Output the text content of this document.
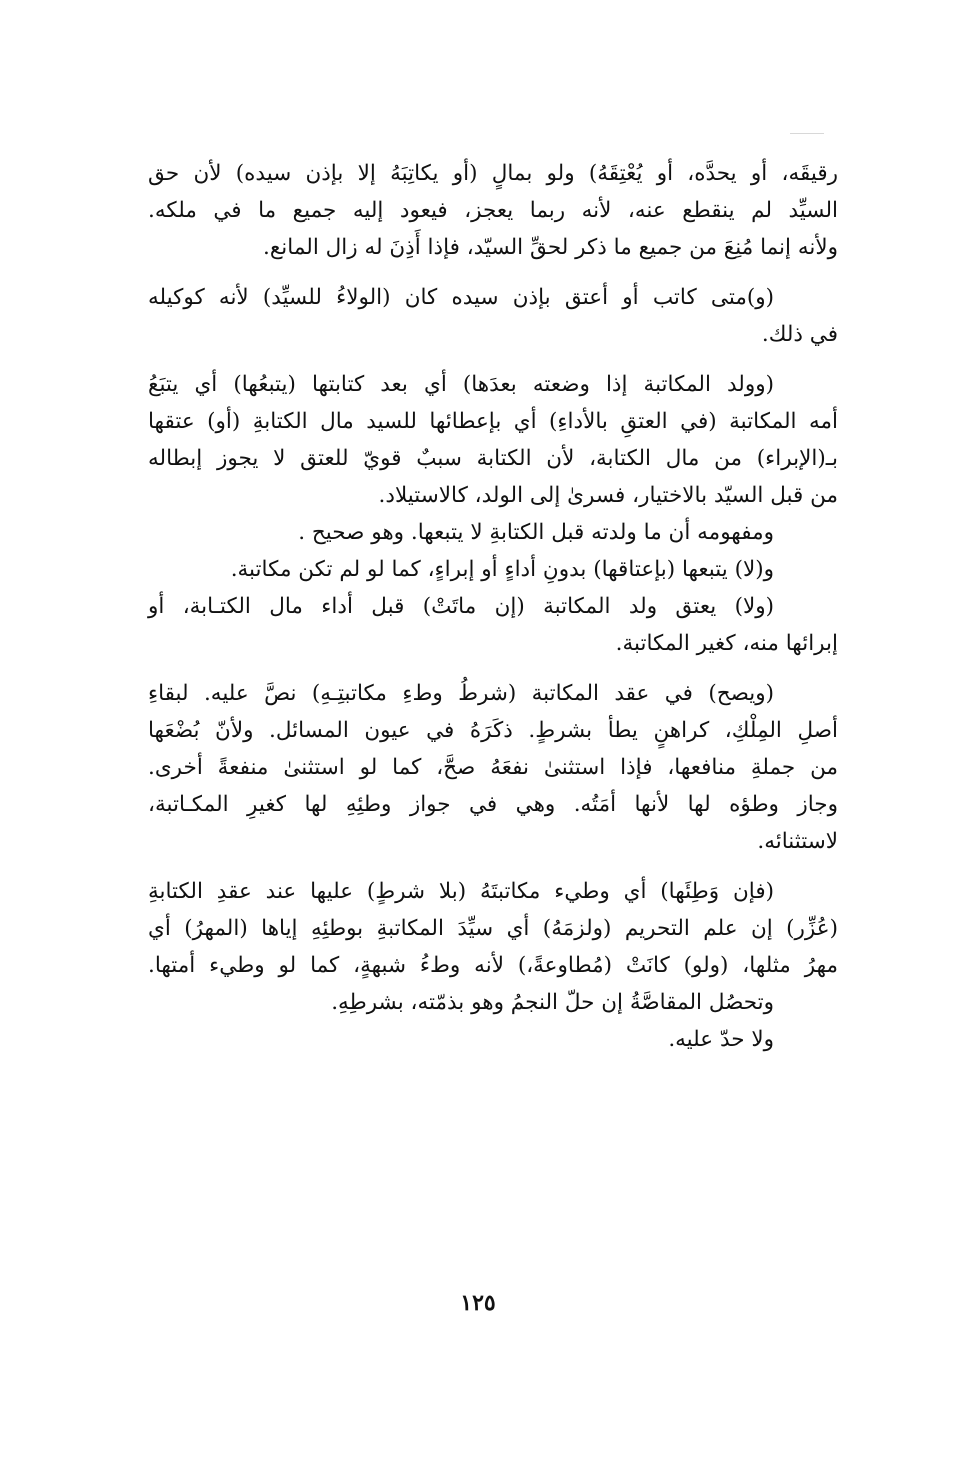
رقيقَه، أو يحدَّه، أو يُعْتِقَهُ) ولو بمالٍ (أو يكاتِبَهُ إلا بإذن سيده) لأن حق
السيِّد لم ينقطع عنه، لأنه ربما يعجز، فيعود إليه جميع ما في ملكه.
ولأنه إنما مُنِعَ من جميع ما ذكر لحقِّ السيّد، فإذا أَذِنَ له زال المانع.
(و)متى كاتب أو أعتق بإذن سيده كان (الولاءُ للسيِّد) لأنه كوكيله
في ذلك.
(وولد المكاتبة إذا وضعته بعدَها) أي بعد كتابتها (يتبعُها) أي يتبَعُ
أمه المكاتبة (في العتقِ بالأداءِ) أي بإعطائها للسيد مال الكتابةِ (أو) عتقها
بـ(الإبراء) من مال الكتابة، لأن الكتابة سببٌ قويّ للعتق لا يجوز إبطاله
من قبل السيّد بالاختيار، فسرىٰ إلى الولد، كالاستيلاد.
ومفهومه أن ما ولدته قبل الكتابةِ لا يتبعها. وهو صحيح .
و(لا) يتبعها (بإعتاقها) بدونِ أداءٍ أو إبراءٍ، كما لو لم تكن مكاتبة.
(ولا) يعتق ولد المكاتبة (إن ماتَتْ) قبل أداء مال الكتـابة، أو
إبرائها منه، كغير المكاتبة.
(ويصح) في عقد المكاتبة (شرطُ وطءِ مكاتبتِـهِ) نصَّ عليه. لبقاءِ
أصلِ المِلْكِ، كراهنٍ يطأ بشرطٍ. ذكَرَهُ في عيون المسائل. ولأنّ بُضْعَها
من جملةِ منافعها، فإذا استثنىٰ نفعَهُ صحَّ، كما لو استثنىٰ منفعةً أخرى.
وجاز وطؤه لها لأنها أمَتُه. وهي في جواز وطئِهِ لها كغيرِ المكـاتبة،
لاستثنائه.
(فإن وَطِئَها) أي وطيء مكاتبتَهُ (بلا شرطٍ) عليها عند عقدِ الكتابةِ
(عُزِّر) إن علم التحريم (ولزمَهُ) أي سيِّدَ المكاتبةِ بوطئِهِ إياها (المهرُ) أي
مهرُ مثلها، (ولو) كانَتْ (مُطاوعةً،) لأنه وطءُ شبهةٍ، كما لو وطيء أمتها.
وتحصُل المقاصَّةُ إن حلّ النجمُ وهو بذمّته، بشرطِهِ.
ولا حدّ عليه.
١٢٥
